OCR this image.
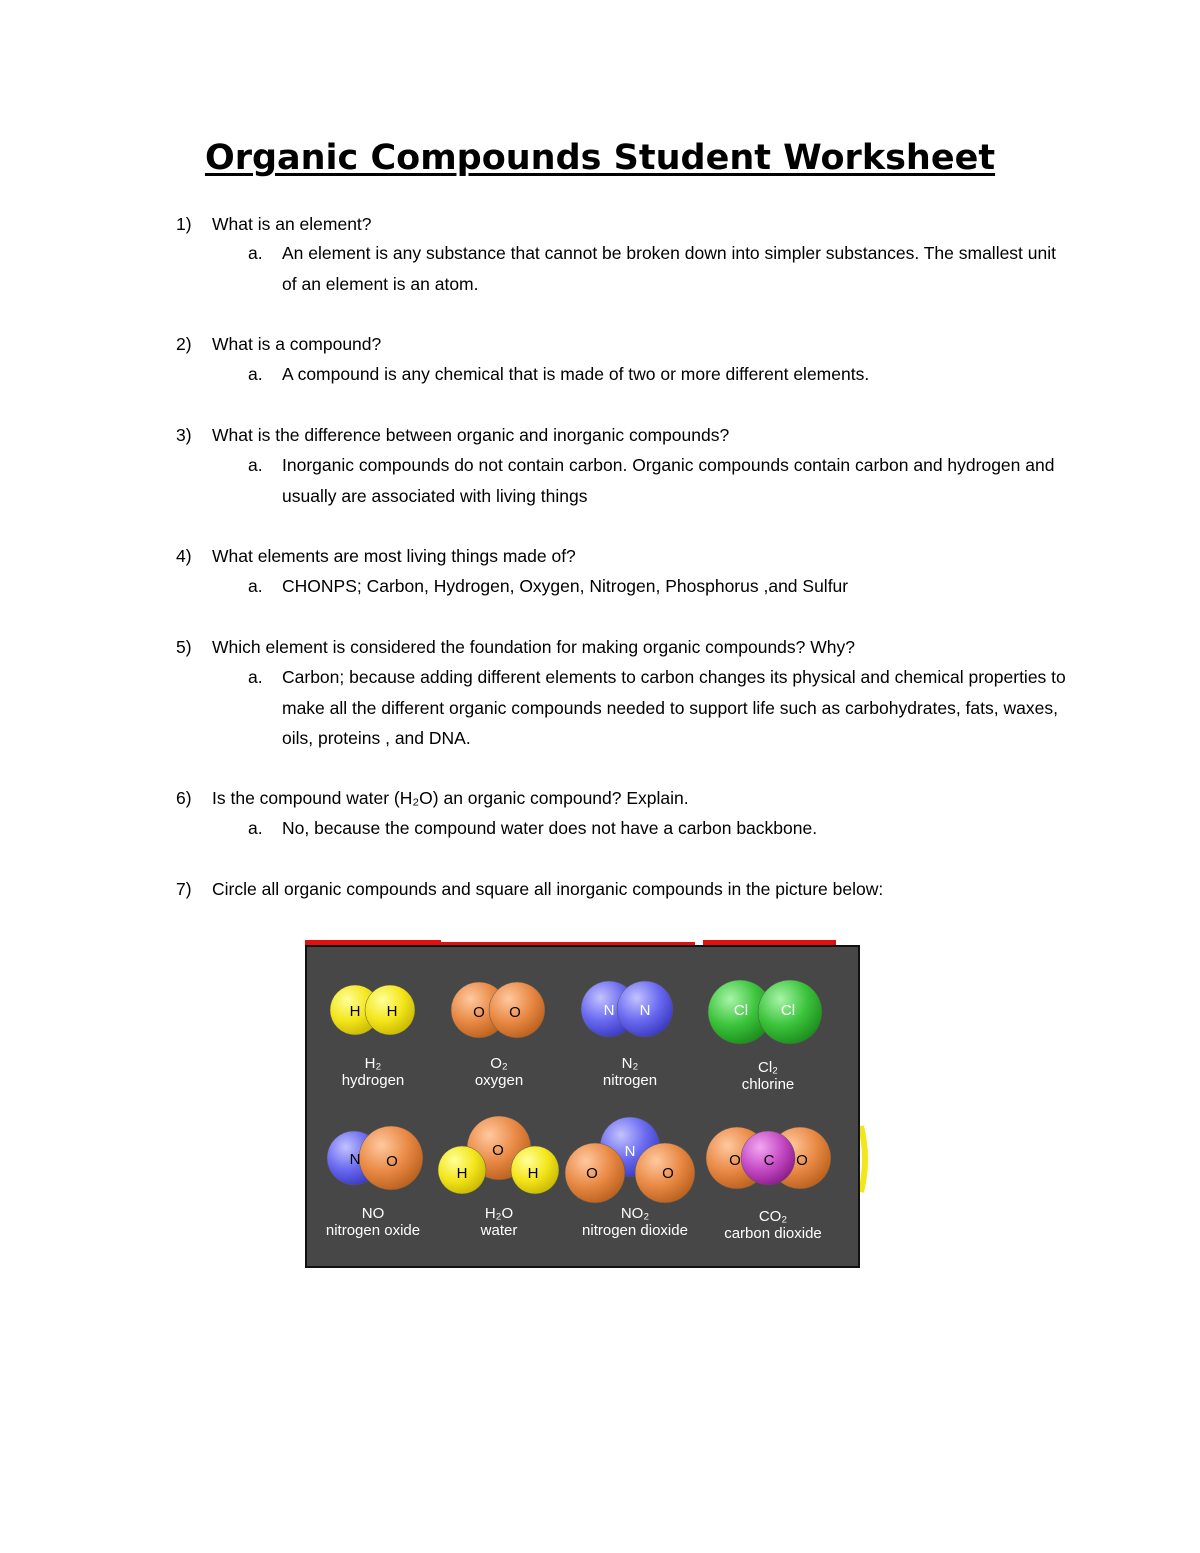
Organic Compounds Student Worksheet
1) What is an element?
a. An element is any substance that cannot be broken down into simpler substances. The smallest unit of an element is an atom.
2) What is a compound?
a. A compound is any chemical that is made of two or more different elements.
3) What is the difference between organic and inorganic compounds?
a. Inorganic compounds do not contain carbon. Organic compounds contain carbon and hydrogen and usually are associated with living things
4) What elements are most living things made of?
a. CHONPS; Carbon, Hydrogen, Oxygen, Nitrogen, Phosphorus ,and Sulfur
5) Which element is considered the foundation for making organic compounds? Why?
a. Carbon; because adding different elements to carbon changes its physical and chemical properties to make all the different organic compounds needed to support life such as carbohydrates, fats, waxes, oils, proteins , and DNA.
6) Is the compound water (H₂O) an organic compound? Explain.
a. No, because the compound water does not have a carbon backbone.
7) Circle all organic compounds and square all inorganic compounds in the picture below:
H H
H₂
hydrogen
O O
O₂
oxygen
N N
N₂
nitrogen
Cl Cl
Cl₂
chlorine
N O
NO
nitrogen oxide
O
H	H
H₂O
water
N
O	O
NO₂
nitrogen dioxide
O C O
CO₂
carbon dioxide
